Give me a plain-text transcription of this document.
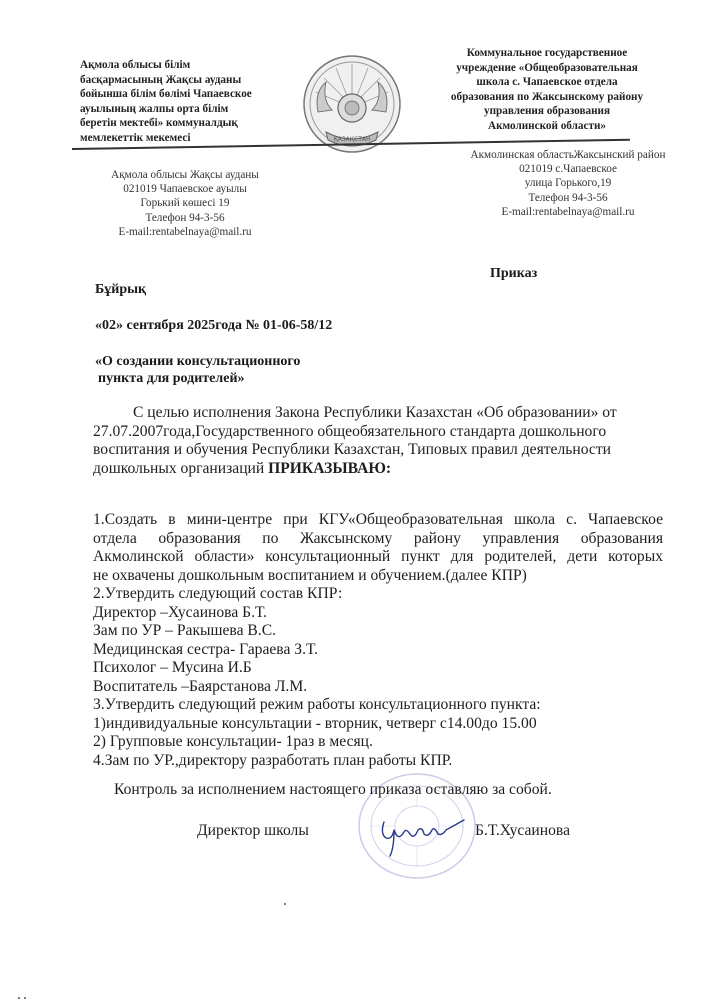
Ақмола облысы білім
басқармасының Жақсы ауданы
бойынша білім бөлімі Чапаевское
ауылының жалпы орта білім
беретін мектебі» коммуналдық
мемлекеттік мекемесі	ҚАЗАҚСТАН
Коммунальное государственное
учреждение «Общеобразовательная
школа с. Чапаевское отдела
образования по Жаксынскому району
управления образования
Акмолинской области»
Ақмола облысы Жақсы ауданы
021019 Чапаевское ауылы
Горький көшесі 19
Телефон 94-3-56
E-mail:rentabelnaya@mail.ru
Акмолинская областьЖаксынский район
021019 с.Чапаевское
улица Горького,19
Телефон 94-3-56
E-mail:rentabelnaya@mail.ru
Приказ
Бұйрық
«02» сентября 2025года № 01-06-58/12
«О создании консультационного
пункта для родителей»
С целью исполнения Закона Республики Казахстан «Об образовании» от
27.07.2007года,Государственного общеобязательного стандарта дошкольного
воспитания и обучения Республики Казахстан, Типовых правил деятельности
дошкольных организаций ПРИКАЗЫВАЮ:
1.Создать в мини-центре при КГУ«Общеобразовательная школа с. Чапаевское
отдела образования по Жаксынскому району управления образования
Акмолинской области» консультационный пункт для родителей, дети которых
не охвачены дошкольным воспитанием и обучением.(далее КПР)
2.Утвердить следующий состав КПР:
Директор –Хусаинова Б.Т.
Зам по УР – Ракышева В.С.
Медицинская сестра- Гараева З.Т.
Психолог – Мусина И.Б
Воспитатель –Баярстанова Л.М.
3.Утвердить следующий режим работы консультационного пункта:
1)индивидуальные консультации - вторник, четверг с14.00до 15.00
2) Групповые консультации- 1раз в месяц.
4.Зам по УР.,директору разработать план работы КПР.
Контроль за исполнением настоящего приказа оставляю за собой.
Директор школы	Б.Т.Хусаинова
